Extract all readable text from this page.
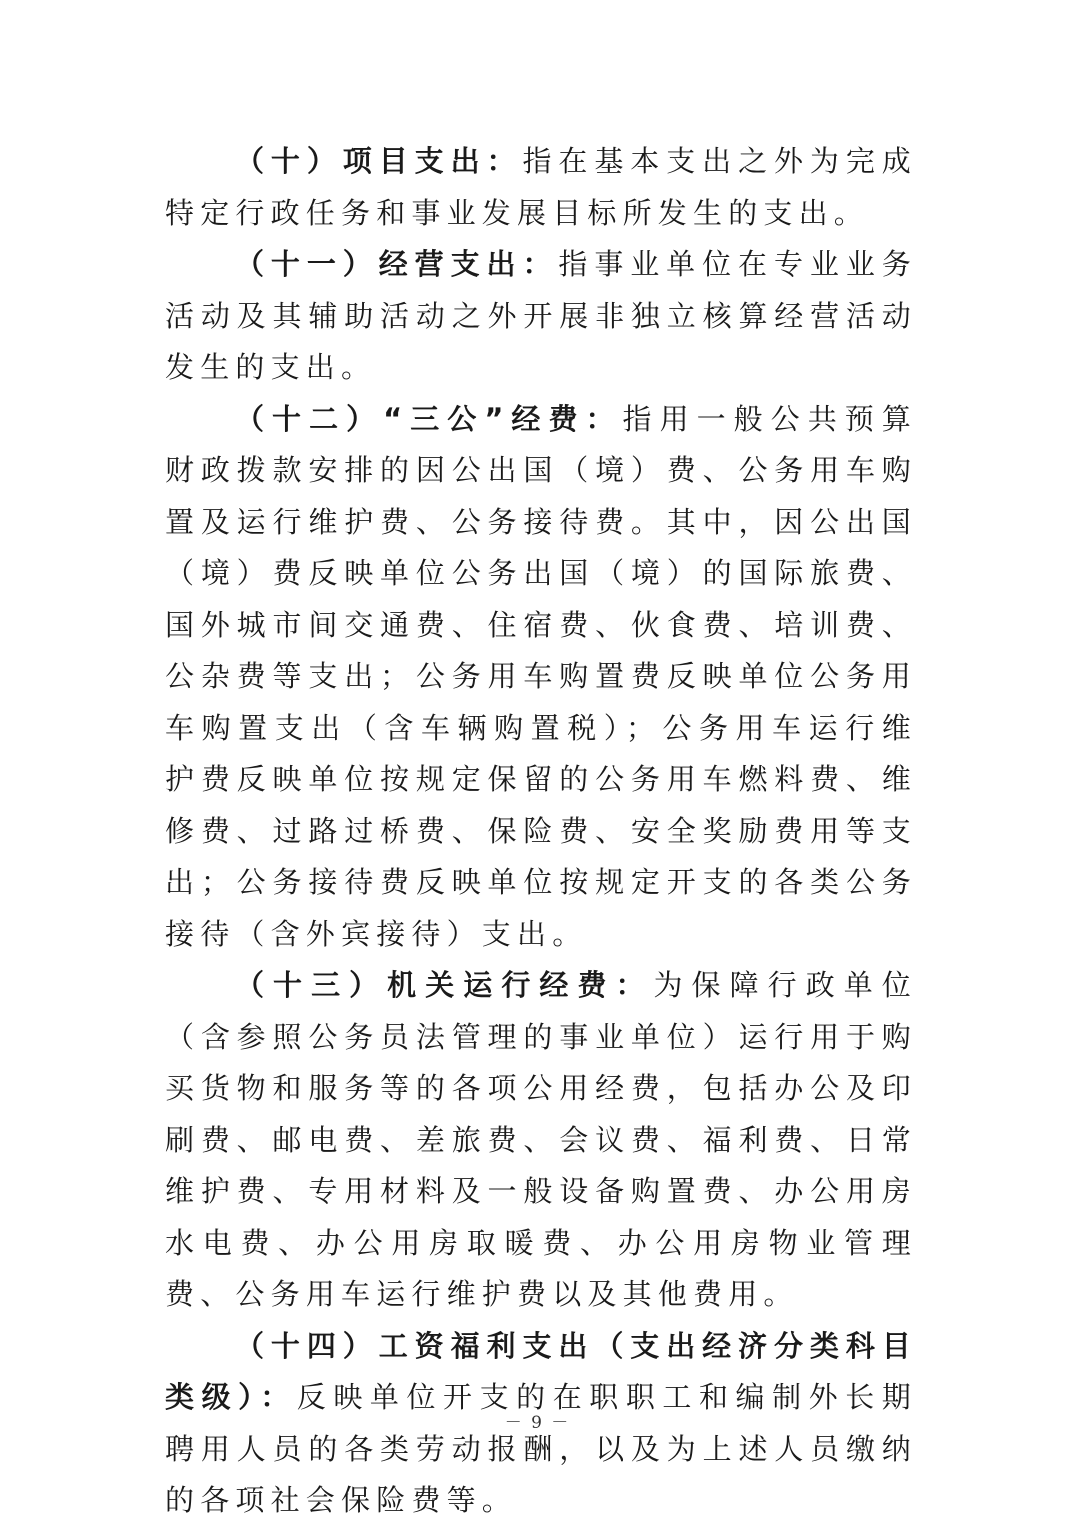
（十）项目支出：指在基本支出之外为完成特定行政任务和事业发展目标所发生的支出。

（十一）经营支出：指事业单位在专业业务活动及其辅助活动之外开展非独立核算经营活动发生的支出。

（十二）“三公”经费：指用一般公共预算财政拨款安排的因公出国（境）费、公务用车购置及运行维护费、公务接待费。其中，因公出国（境）费反映单位公务出国（境）的国际旅费、国外城市间交通费、住宿费、伙食费、培训费、公杂费等支出；公务用车购置费反映单位公务用车购置支出（含车辆购置税）；公务用车运行维护费反映单位按规定保留的公务用车燃料费、维修费、过路过桥费、保险费、安全奖励费用等支出；公务接待费反映单位按规定开支的各类公务接待（含外宾接待）支出。

（十三）机关运行经费：为保障行政单位（含参照公务员法管理的事业单位）运行用于购买货物和服务等的各项公用经费，包括办公及印刷费、邮电费、差旅费、会议费、福利费、日常维护费、专用材料及一般设备购置费、办公用房水电费、办公用房取暖费、办公用房物业管理费、公务用车运行维护费以及其他费用。

（十四）工资福利支出（支出经济分类科目类级）：反映单位开支的在职职工和编制外长期聘用人员的各类劳动报酬，以及为上述人员缴纳的各项社会保险费等。

－ 9 －
